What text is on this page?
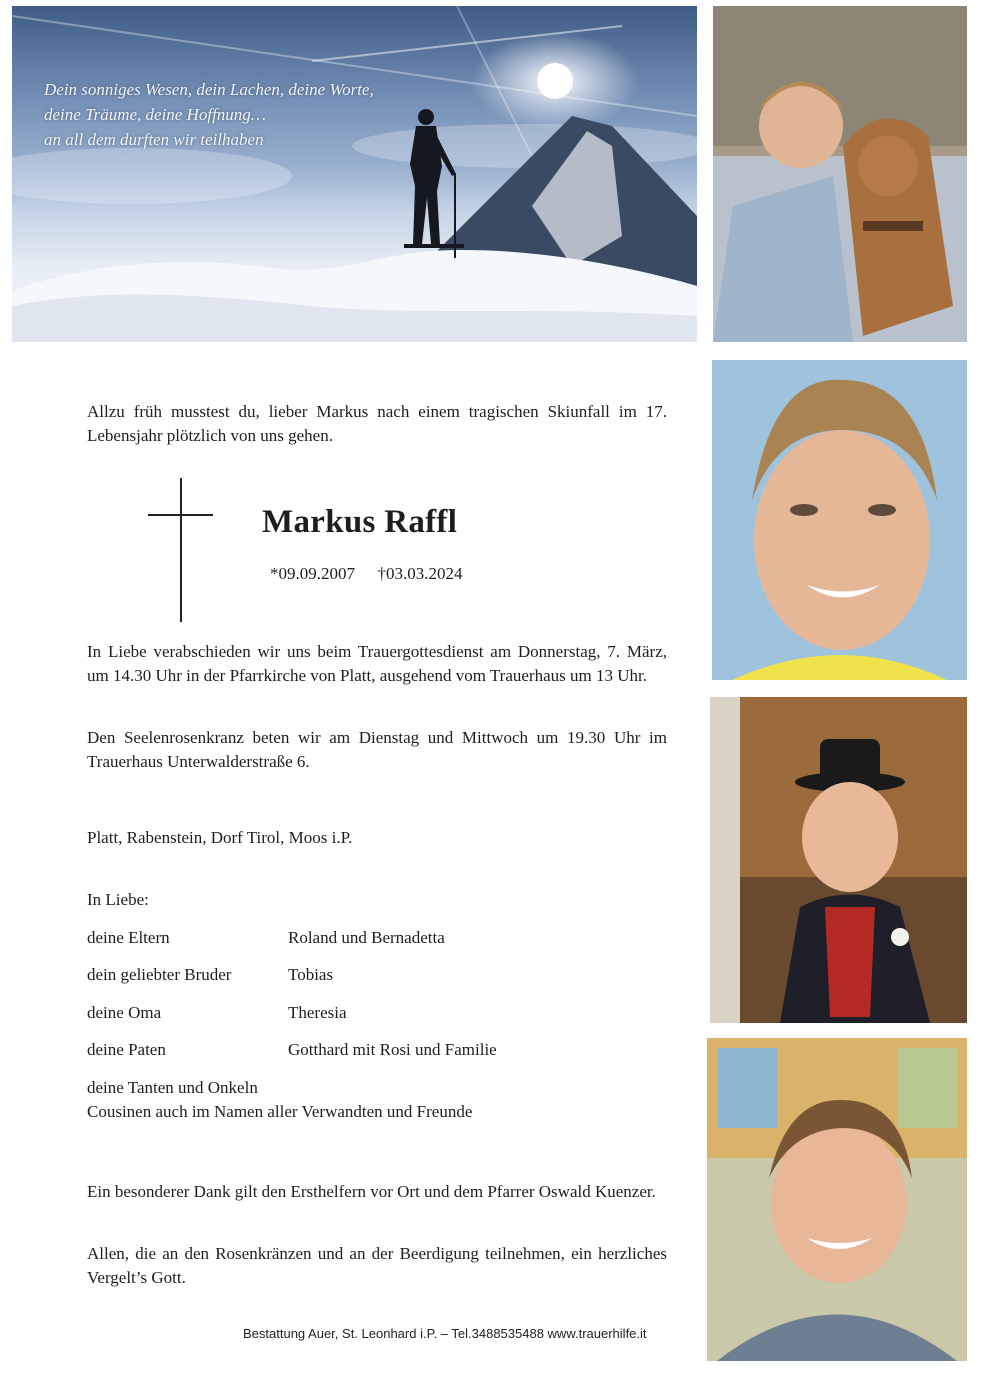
Dein sonniges Wesen, dein Lachen, deine Worte,
deine Träume, deine Hoffnung…
an all dem durften wir teilhaben
Allzu früh musstest du, lieber Markus nach einem tragischen Skiunfall im 17. Lebensjahr plötzlich von uns gehen.
Markus Raffl
*09.09.2007 †03.03.2024
In Liebe verabschieden wir uns beim Trauergottesdienst am Donnerstag, 7. März, um 14.30 Uhr in der Pfarrkirche von Platt, ausgehend vom Trauerhaus um 13 Uhr.
Den Seelenrosenkranz beten wir am Dienstag und Mittwoch um 19.30 Uhr im Trauerhaus Unterwalderstraße 6.
Platt, Rabenstein, Dorf Tirol, Moos i.P.
In Liebe:
deine Eltern	Roland und Bernadetta
dein geliebter Bruder	Tobias
deine Oma	Theresia
deine Paten	Gotthard mit Rosi und Familie
deine Tanten und Onkeln
Cousinen auch im Namen aller Verwandten und Freunde
Ein besonderer Dank gilt den Ersthelfern vor Ort und dem Pfarrer Oswald Kuenzer.
Allen, die an den Rosenkränzen und an der Beerdigung teilnehmen, ein herzliches Vergelt’s Gott.
Bestattung Auer, St. Leonhard i.P. – Tel.3488535488 www.trauerhilfe.it
